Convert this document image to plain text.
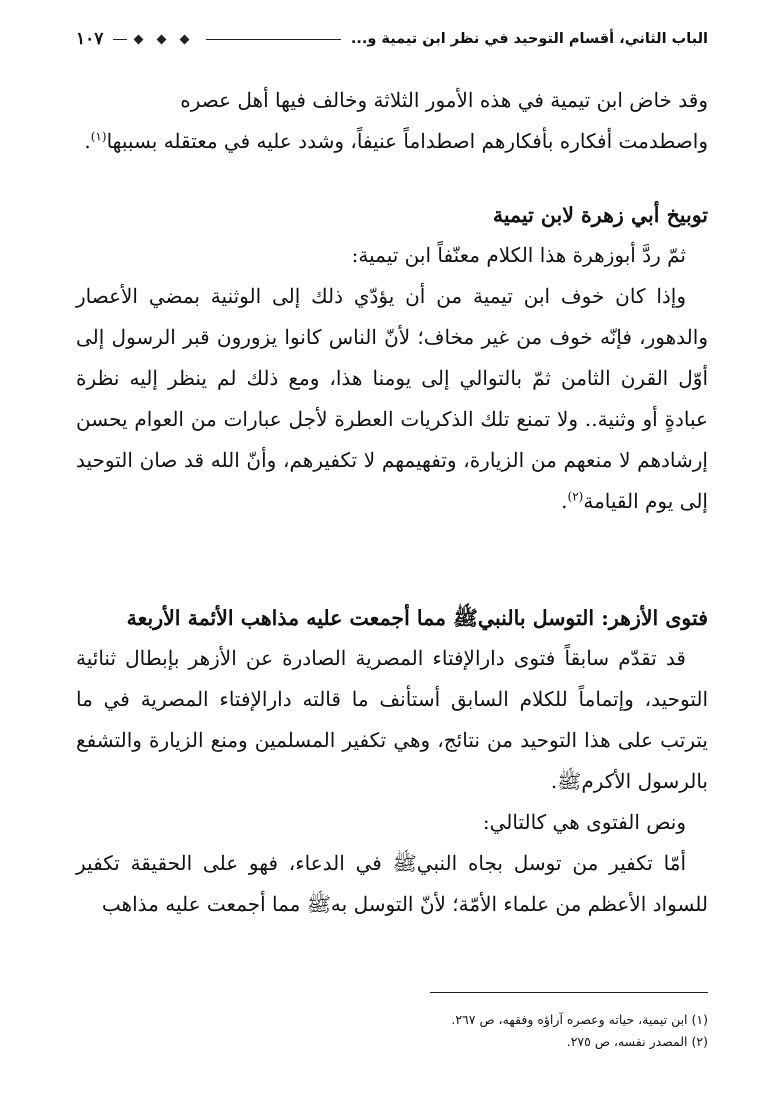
الباب الثاني، أقسام التوحيد في نظر ابن تيمية و...
١٠٧

وقد خاض ابن تيمية في هذه الأمور الثلاثة وخالف فيها أهل عصره

واصطدمت أفكاره بأفكارهم اصطداماً عنيفاً، وشدد عليه في معتقله بسببها$^{(١)}$.

توبيخ أبي زهرة لابن تيمية

ثمّ ردَّ أبوزهرة هذا الكلام معنّفاً ابن تيمية:

وإذا كان خوف ابن تيمية من أن يؤدّي ذلك إلى الوثنية بمضي الأعصار والدهور، فإنّه خوف من غير مخاف؛ لأنّ الناس كانوا يزورون قبر الرسول إلى أوّل القرن الثامن ثمّ بالتوالي إلى يومنا هذا، ومع ذلك لم ينظر إليه نظرة عبادةٍ أو وثنية.. ولا تمنع تلك الذكريات العطرة لأجل عبارات من العوام يحسن إرشادهم لا منعهم من الزيارة، وتفهيمهم لا تكفيرهم، وأنّ الله قد صان التوحيد إلى يوم القيامة$^{(٢)}$.

فتوى الأزهر: التوسل بالنبيﷺ مما أجمعت عليه مذاهب الأئمة الأربعة

قد تقدّم سابقاً فتوى دارالإفتاء المصرية الصادرة عن الأزهر بإبطال ثنائية التوحيد، وإتماماً للكلام السابق أستأنف ما قالته دارالإفتاء المصرية في ما يترتب على هذا التوحيد من نتائج، وهي تكفير المسلمين ومنع الزيارة والتشفع بالرسول الأكرمﷺ.

ونص الفتوى هي كالتالي:

أمّا تكفير من توسل بجاه النبيﷺ في الدعاء، فهو على الحقيقة تكفير للسواد الأعظم من علماء الأمّة؛ لأنّ التوسل بهﷺ مما أجمعت عليه مذاهب

(١) ابن تيمية، حياته وعصره آراؤه وفقهه، ص ٢٦٧.

(٢) المصدر نفسه، ص ٢٧٥.
